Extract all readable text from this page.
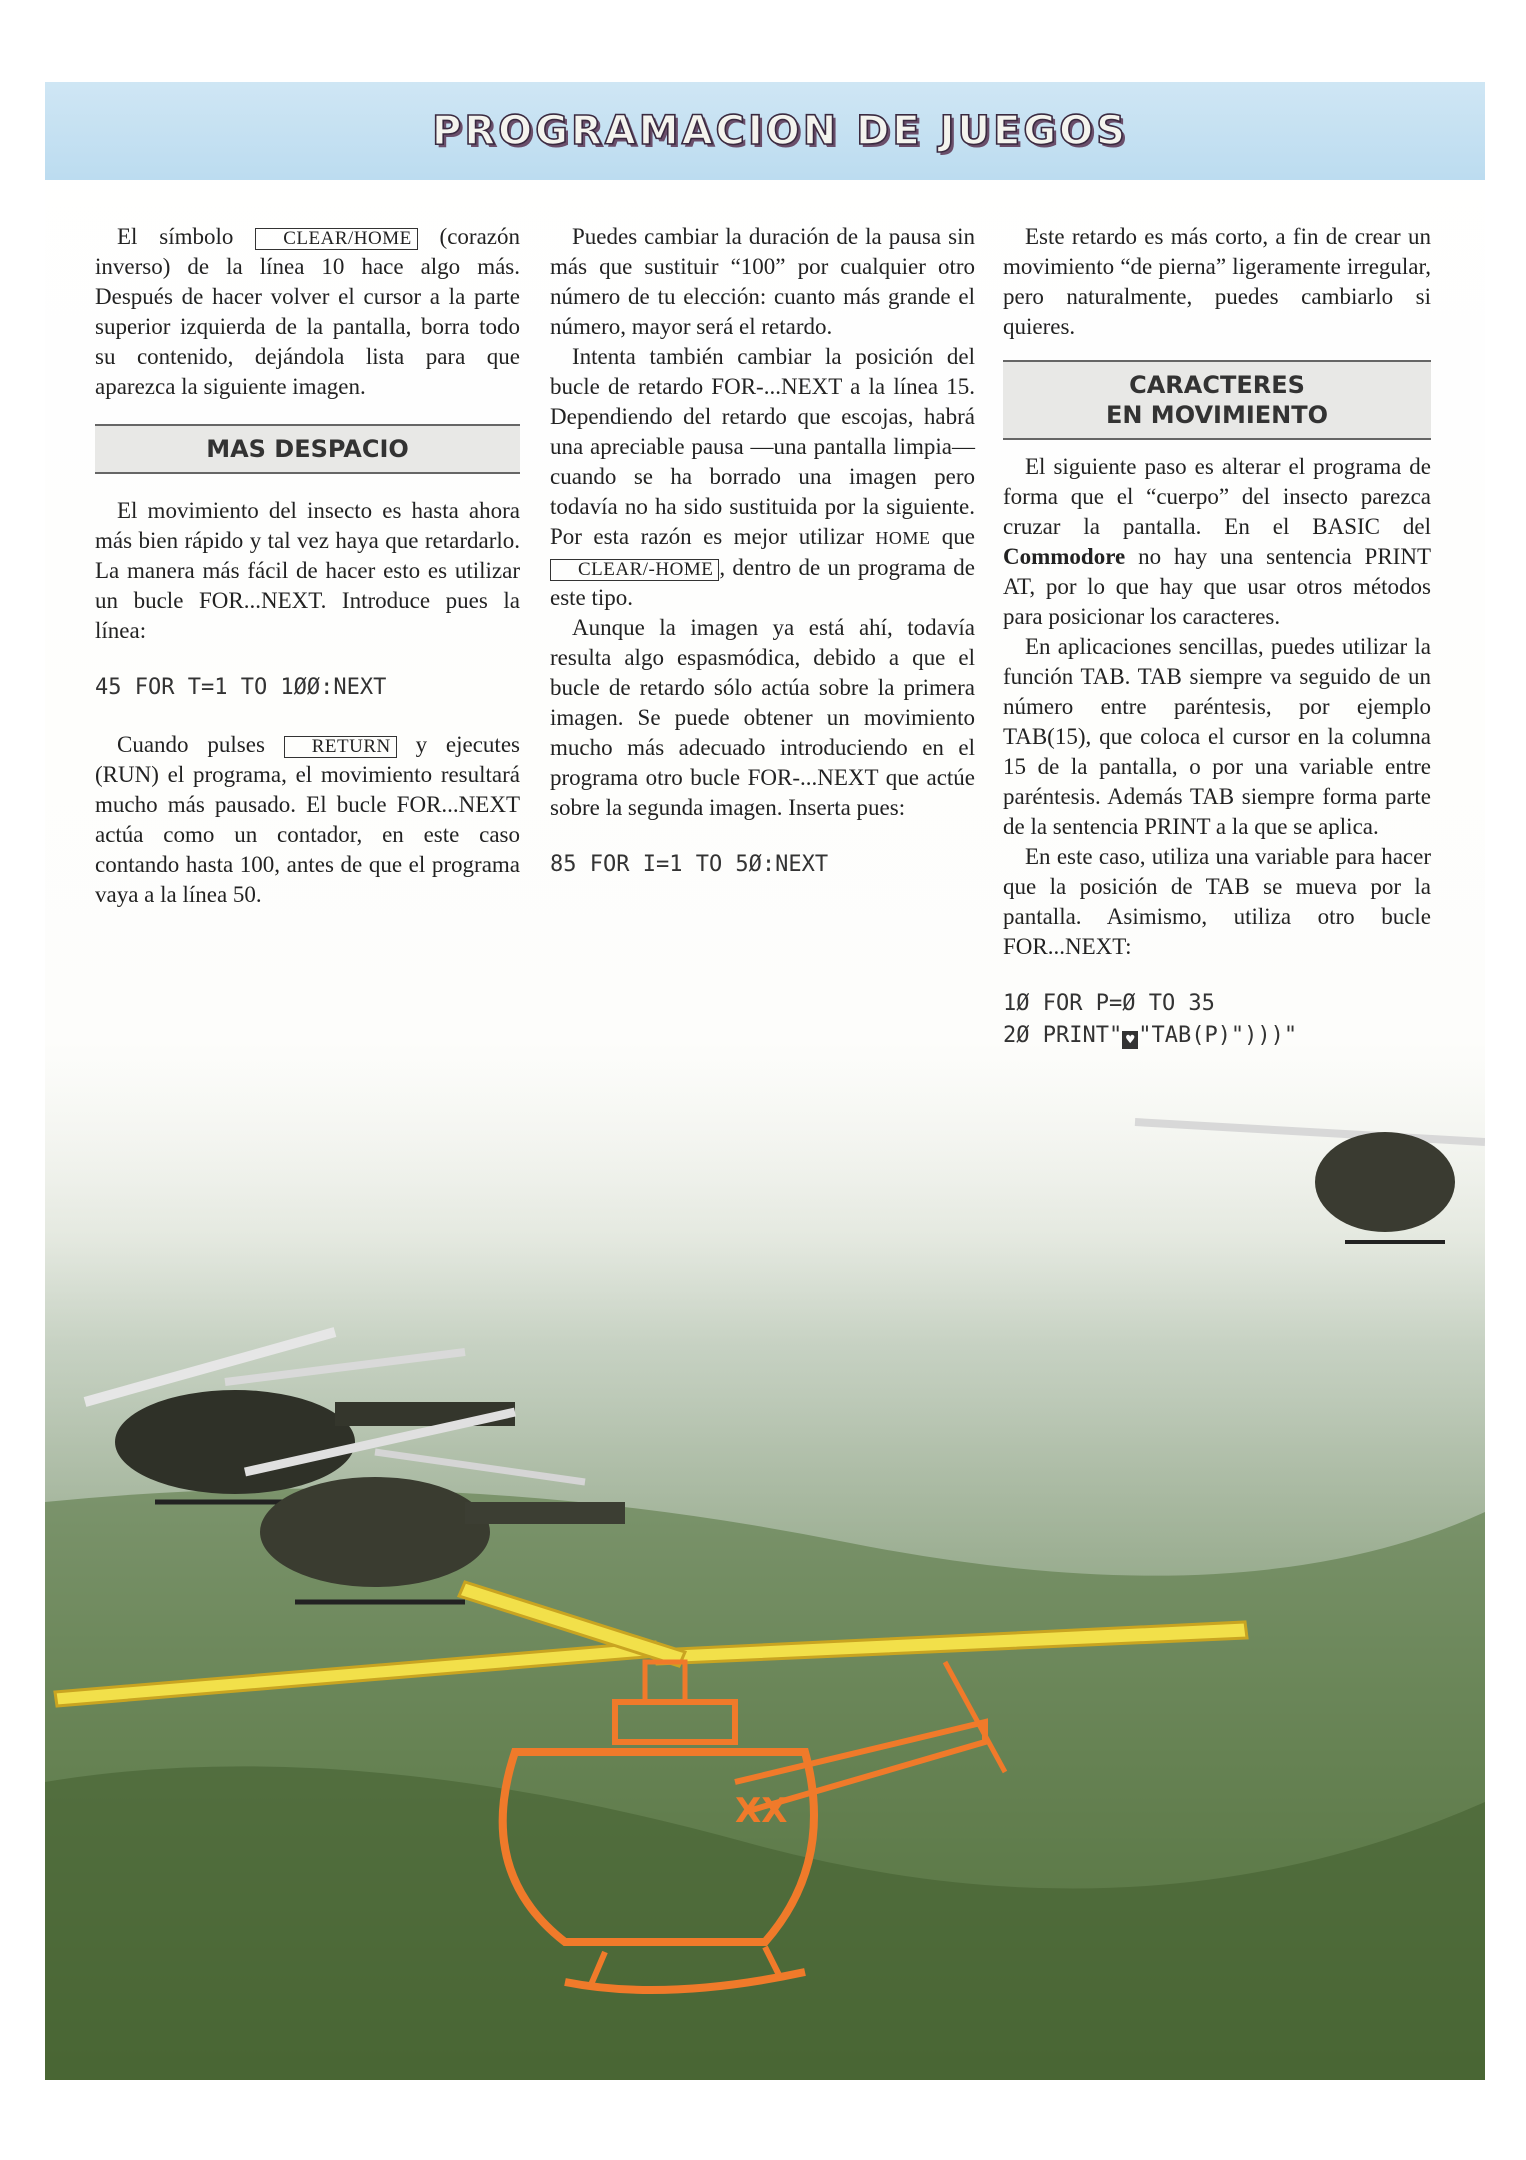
XX
PROGRAMACION DE JUEGOS

El símbolo CLEAR/HOME (corazón inverso) de la línea 10 hace algo más. Después de hacer volver el cursor a la parte superior izquierda de la pantalla, borra todo su contenido, dejándola lista para que aparezca la siguiente imagen.

MAS DESPACIO

El movimiento del insecto es hasta ahora más bien rápido y tal vez haya que retardarlo. La manera más fácil de hacer esto es utilizar un bucle FOR...NEXT. Introduce pues la línea:

45 FOR T=1 TO 1ØØ:NEXT

Cuando pulses RETURN y ejecutes (RUN) el programa, el movimiento resultará mucho más pausado. El bucle FOR...NEXT actúa como un contador, en este caso contando hasta 100, antes de que el programa vaya a la línea 50.

Puedes cambiar la duración de la pausa sin más que sustituir “100” por cualquier otro número de tu elección: cuanto más grande el número, mayor será el retardo.

Intenta también cambiar la posición del bucle de retardo FOR-...NEXT a la línea 15. Dependiendo del retardo que escojas, habrá una apreciable pausa —una pantalla limpia— cuando se ha borrado una imagen pero todavía no ha sido sustituida por la siguiente. Por esta razón es mejor utilizar HOME que CLEAR/-HOME , dentro de un programa de este tipo.

Aunque la imagen ya está ahí, todavía resulta algo espasmódica, debido a que el bucle de retardo sólo actúa sobre la primera imagen. Se puede obtener un movimiento mucho más adecuado introduciendo en el programa otro bucle FOR-...NEXT que actúe sobre la segunda imagen. Inserta pues:

85 FOR I=1 TO 5Ø:NEXT

Este retardo es más corto, a fin de crear un movimiento “de pierna” ligeramente irregular, pero naturalmente, puedes cambiarlo si quieres.

CARACTERES
EN MOVIMIENTO

El siguiente paso es alterar el programa de forma que el “cuerpo” del insecto parezca cruzar la pantalla. En el BASIC del Commodore no hay una sentencia PRINT AT, por lo que hay que usar otros métodos para posicionar los caracteres.

En aplicaciones sencillas, puedes utilizar la función TAB. TAB siempre va seguido de un número entre paréntesis, por ejemplo TAB(15), que coloca el cursor en la columna 15 de la pantalla, o por una variable entre paréntesis. Además TAB siempre forma parte de la sentencia PRINT a la que se aplica.

En este caso, utiliza una variable para hacer que la posición de TAB se mueva por la pantalla. Asimismo, utiliza otro bucle FOR...NEXT:

1Ø FOR P=Ø TO 35
2Ø PRINT" ♥ "TAB(P)")))"
